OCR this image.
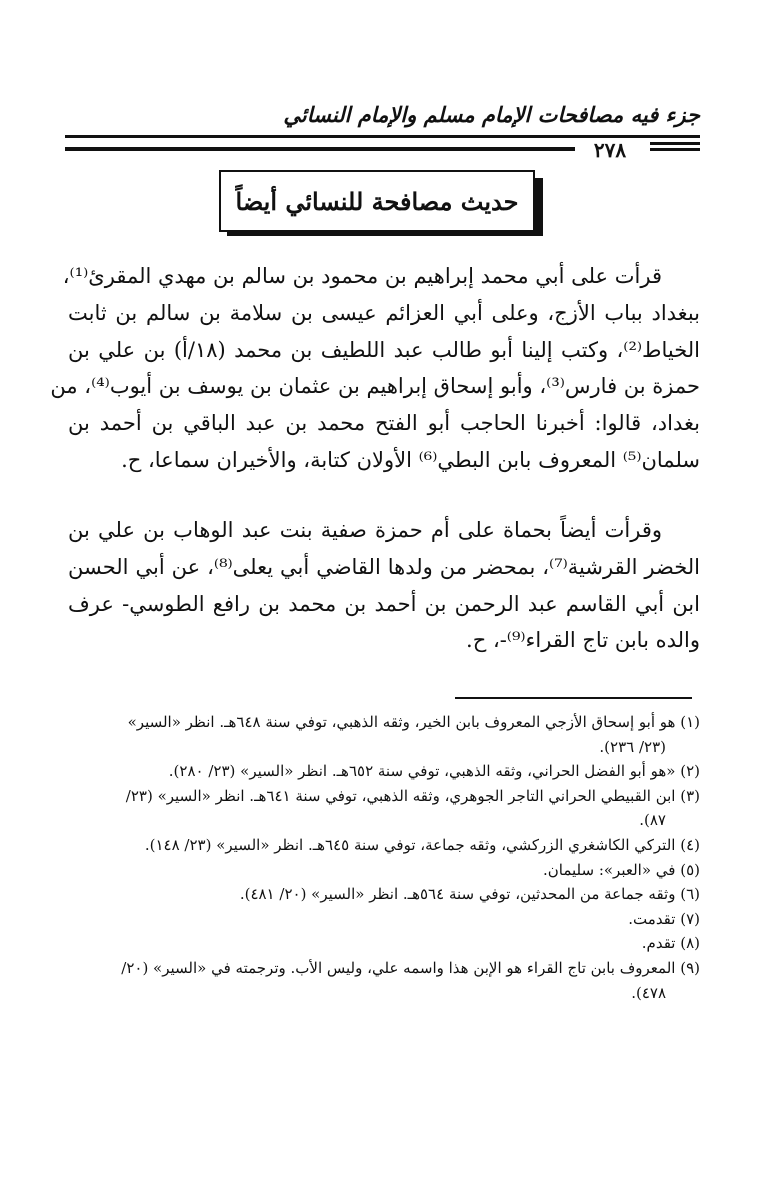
جزء فيه مصافحات الإمام مسلم والإمام النسائي
٢٧٨
حديث مصافحة للنسائي أيضاً
قرأت على أبي محمد إبراهيم بن محمود بن سالم بن مهدي المقرئ⁽¹⁾،
ببغداد بباب الأزج، وعلى أبي العزائم عيسى بن سلامة بن سالم بن ثابت
الخياط⁽²⁾، وكتب إلينا أبو طالب عبد اللطيف بن محمد (١٨/أ) بن علي بن
حمزة بن فارس⁽³⁾، وأبو إسحاق إبراهيم بن عثمان بن يوسف بن أيوب⁽⁴⁾، من
بغداد، قالوا: أخبرنا الحاجب أبو الفتح محمد بن عبد الباقي بن أحمد بن
سلمان⁽⁵⁾ المعروف بابن البطي⁽⁶⁾ الأولان كتابة، والأخيران سماعا، ح.
وقرأت أيضاً بحماة على أم حمزة صفية بنت عبد الوهاب بن علي بن
الخضر القرشية⁽⁷⁾، بمحضر من ولدها القاضي أبي يعلى⁽⁸⁾، عن أبي الحسن
ابن أبي القاسم عبد الرحمن بن أحمد بن محمد بن رافع الطوسي- عرف
والده بابن تاج القراء⁽⁹⁾-، ح.
(١) هو أبو إسحاق الأزجي المعروف بابن الخير، وثقه الذهبي، توفي سنة ٦٤٨هـ. انظر «السير»
(٢٣/ ٢٣٦).
(٢) «هو أبو الفضل الحراني، وثقه الذهبي، توفي سنة ٦٥٢هـ. انظر «السير» (٢٣/ ٢٨٠).
(٣) ابن القبيطي الحراني التاجر الجوهري، وثقه الذهبي، توفي سنة ٦٤١هـ. انظر «السير» (٢٣/
٨٧).
(٤) التركي الكاشغري الزركشي، وثقه جماعة، توفي سنة ٦٤٥هـ. انظر «السير» (٢٣/ ١٤٨).
(٥) في «العبر»: سليمان.
(٦) وثقه جماعة من المحدثين، توفي سنة ٥٦٤هـ. انظر «السير» (٢٠/ ٤٨١).
(٧) تقدمت.
(٨) تقدم.
(٩) المعروف بابن تاج القراء هو الإبن هذا واسمه علي، وليس الأب. وترجمته في «السير» (٢٠/
٤٧٨).
